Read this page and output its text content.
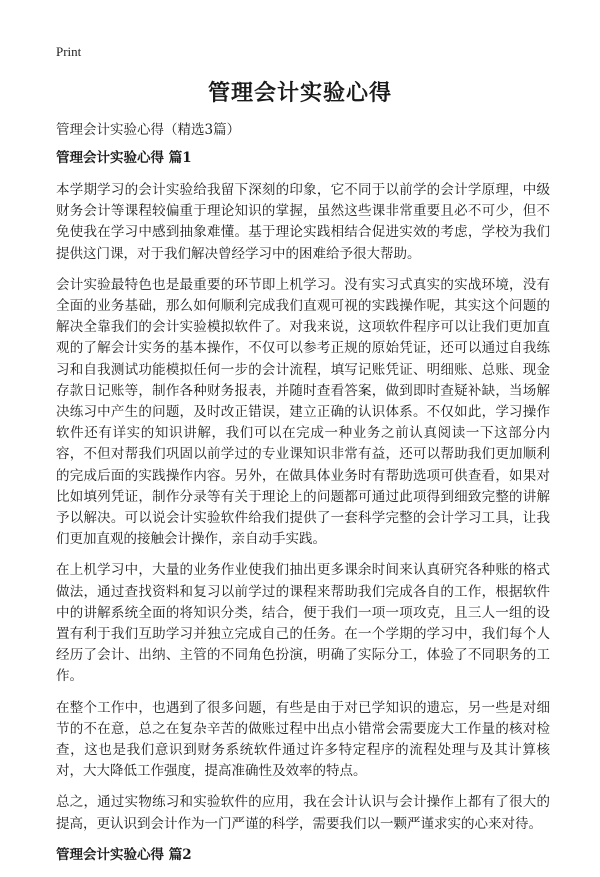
Print
管理会计实验心得

管理会计实验心得（精选3篇）

管理会计实验心得 篇1

本学期学习的会计实验给我留下深刻的印象，它不同于以前学的会计学原理，中级财务会计等课程较偏重于理论知识的掌握，虽然这些课非常重要且必不可少，但不免使我在学习中感到抽象难懂。基于理论实践相结合促进实效的考虑，学校为我们提供这门课，对于我们解决曾经学习中的困难给予很大帮助。

会计实验最特色也是最重要的环节即上机学习。没有实习式真实的实战环境，没有全面的业务基础，那么如何顺利完成我们直观可视的实践操作呢，其实这个问题的解决全靠我们的会计实验模拟软件了。对我来说，这项软件程序可以让我们更加直观的了解会计实务的基本操作，不仅可以参考正规的原始凭证，还可以通过自我练习和自我测试功能模拟任何一步的会计流程，填写记账凭证、明细账、总账、现金存款日记账等，制作各种财务报表，并随时查看答案，做到即时查疑补缺，当场解决练习中产生的问题，及时改正错误，建立正确的认识体系。不仅如此，学习操作软件还有详实的知识讲解，我们可以在完成一种业务之前认真阅读一下这部分内容，不但对帮我们巩固以前学过的专业课知识非常有益，还可以帮助我们更加顺利的完成后面的实践操作内容。另外，在做具体业务时有帮助选项可供查看，如果对比如填列凭证，制作分录等有关于理论上的问题都可通过此项得到细致完整的讲解予以解决。可以说会计实验软件给我们提供了一套科学完整的会计学习工具，让我们更加直观的接触会计操作，亲自动手实践。

在上机学习中，大量的业务作业使我们抽出更多课余时间来认真研究各种账的格式做法，通过查找资料和复习以前学过的课程来帮助我们完成各自的工作，根据软件中的讲解系统全面的将知识分类，结合，便于我们一项一项攻克，且三人一组的设置有利于我们互助学习并独立完成自己的任务。在一个学期的学习中，我们每个人经历了会计、出纳、主管的不同角色扮演，明确了实际分工，体验了不同职务的工作。

在整个工作中，也遇到了很多问题，有些是由于对已学知识的遗忘，另一些是对细节的不在意，总之在复杂辛苦的做账过程中出点小错常会需要庞大工作量的核对检查，这也是我们意识到财务系统软件通过许多特定程序的流程处理与及其计算核对，大大降低工作强度，提高准确性及效率的特点。

总之，通过实物练习和实验软件的应用，我在会计认识与会计操作上都有了很大的提高，更认识到会计作为一门严谨的科学，需要我们以一颗严谨求实的心来对待。

管理会计实验心得 篇2
